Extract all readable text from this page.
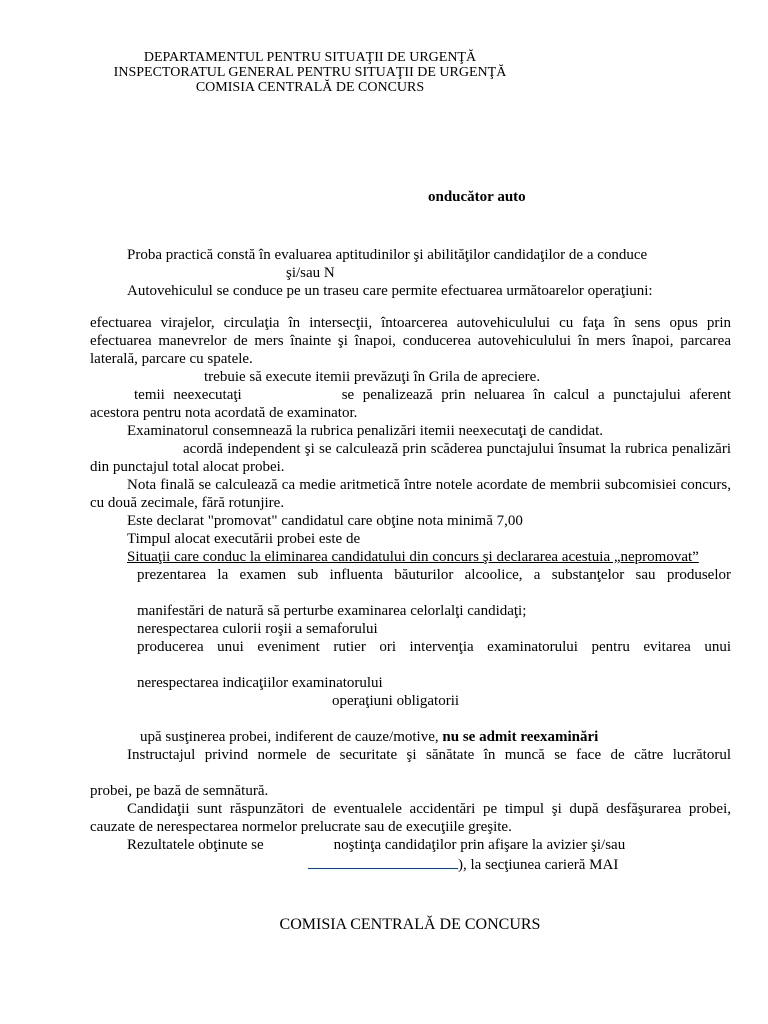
DEPARTAMENTUL PENTRU SITUAŢII DE URGENŢĂ
INSPECTORATUL GENERAL PENTRU SITUAŢII DE URGENŢĂ
COMISIA CENTRALĂ DE CONCURS
onducător auto

Proba practică constă în evaluarea aptitudinilor şi abilităţilor candidaţilor de a conduce

şi/sau N

Autovehiculul se conduce pe un traseu care permite efectuarea următoarelor operaţiuni:

efectuarea virajelor, circulaţia în intersecţii, întoarcerea autovehiculului cu faţa în sens opus prin efectuarea manevrelor de mers înainte şi înapoi, conducerea autovehiculului în mers înapoi, parcarea laterală, parcare cu spatele.

trebuie să execute itemii prevăzuţi în Grila de apreciere.

temii neexecutaţi	se penalizează prin neluarea în calcul a punctajului aferent acestora pentru nota acordată de examinator.

Examinatorul consemnează la rubrica penalizări itemii neexecutaţi de candidat.

acordă independent şi se calculează prin scăderea punctajului însumat la rubrica penalizări din punctajul total alocat probei.

Nota finală se calculează ca medie aritmetică între notele acordate de membrii subcomisiei concurs, cu două zecimale, fără rotunjire.

Este declarat "promovat" candidatul care obţine nota minimă 7,00

Timpul alocat executării probei este de

Situaţii care conduc la eliminarea candidatului din concurs şi declararea acestuia „nepromovat”

prezentarea la examen sub influenta băuturilor alcoolice, a substanţelor sau produselor

manifestări de natură să perturbe examinarea celorlalţi candidaţi;

nerespectarea culorii roşii a semaforului

producerea unui eveniment rutier ori intervenţia examinatorului pentru evitarea unui

nerespectarea indicaţiilor examinatorului

operaţiuni obligatorii

upă susţinerea probei, indiferent de cauze/motive, nu se admit reexaminări

Instructajul privind normele de securitate şi sănătate în muncă se face de către lucrătorul

probei, pe bază de semnătură.

Candidaţii sunt răspunzători de eventualele accidentări pe timpul şi după desfăşurarea probei, cauzate de nerespectarea normelor prelucrate sau de execuţiile greşite.

Rezultatele obţinute se	noştinţa candidaţilor prin afişare la avizier şi/sau

), la secţiunea carieră MAI

COMISIA CENTRALĂ DE CONCURS
